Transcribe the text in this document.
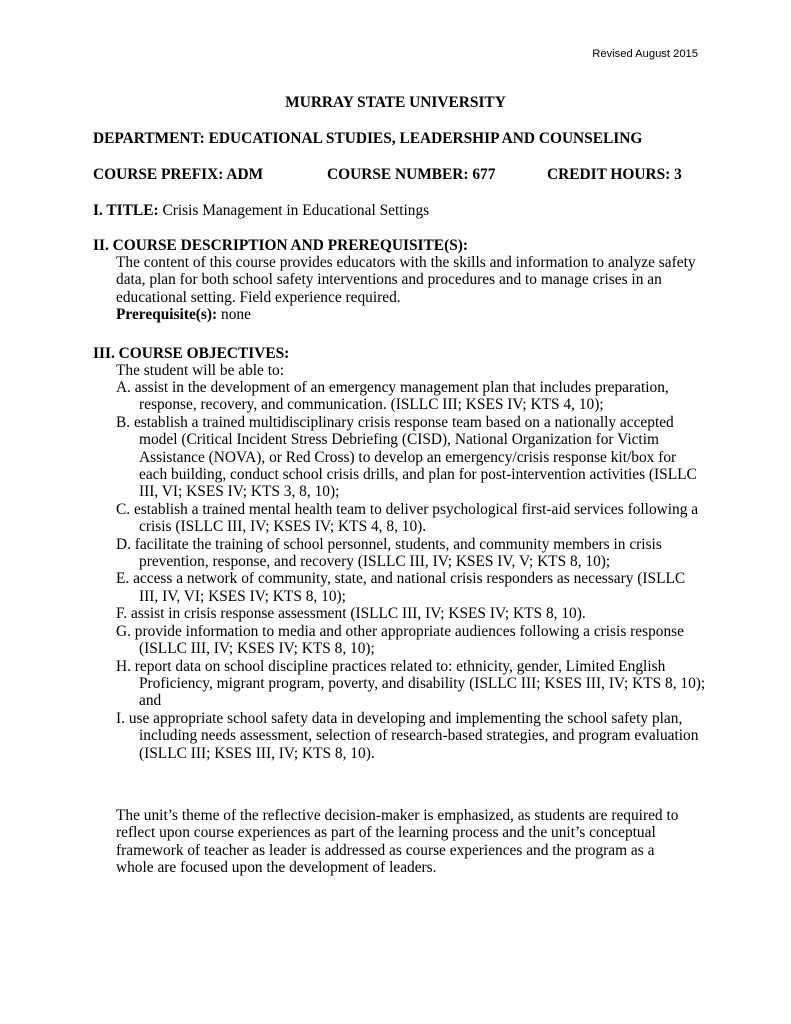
Revised August 2015
MURRAY STATE UNIVERSITY
DEPARTMENT: EDUCATIONAL STUDIES, LEADERSHIP AND COUNSELING
COURSE PREFIX: ADM	COURSE NUMBER: 677	CREDIT HOURS: 3
I. TITLE: Crisis Management in Educational Settings
II. COURSE DESCRIPTION AND PREREQUISITE(S):

The content of this course provides educators with the skills and information to analyze safety data, plan for both school safety interventions and procedures and to manage crises in an educational setting. Field experience required.

Prerequisite(s): none

III. COURSE OBJECTIVES:
The student will be able to:
A. assist in the development of an emergency management plan that includes preparation, response, recovery, and communication. (ISLLC III; KSES IV; KTS 4, 10);
B. establish a trained multidisciplinary crisis response team based on a nationally accepted model (Critical Incident Stress Debriefing (CISD), National Organization for Victim Assistance (NOVA), or Red Cross) to develop an emergency/crisis response kit/box for each building, conduct school crisis drills, and plan for post-intervention activities (ISLLC III, VI; KSES IV; KTS 3, 8, 10);
C. establish a trained mental health team to deliver psychological first-aid services following a crisis (ISLLC III, IV; KSES IV; KTS 4, 8, 10).
D. facilitate the training of school personnel, students, and community members in crisis prevention, response, and recovery (ISLLC III, IV; KSES IV, V; KTS 8, 10);
E. access a network of community, state, and national crisis responders as necessary (ISLLC III, IV, VI; KSES IV; KTS 8, 10);
F. assist in crisis response assessment (ISLLC III, IV; KSES IV; KTS 8, 10).
G. provide information to media and other appropriate audiences following a crisis response (ISLLC III, IV; KSES IV; KTS 8, 10);
H. report data on school discipline practices related to: ethnicity, gender, Limited English Proficiency, migrant program, poverty, and disability (ISLLC III; KSES III, IV; KTS 8, 10); and
I. use appropriate school safety data in developing and implementing the school safety plan, including needs assessment, selection of research-based strategies, and program evaluation (ISLLC III; KSES III, IV; KTS 8, 10).

The unit’s theme of the reflective decision-maker is emphasized, as students are required to reflect upon course experiences as part of the learning process and the unit’s conceptual framework of teacher as leader is addressed as course experiences and the program as a whole are focused upon the development of leaders.
